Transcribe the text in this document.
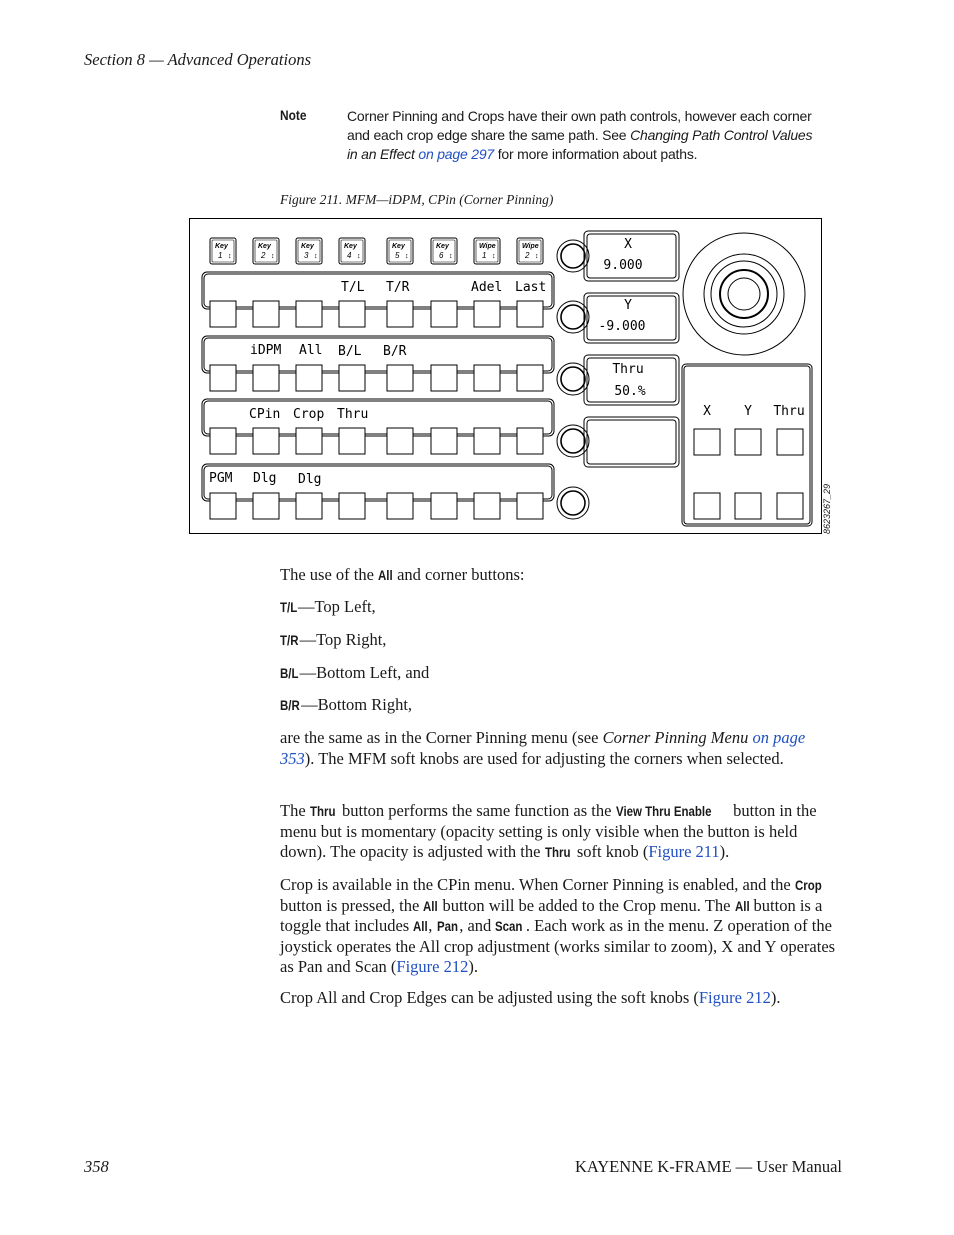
Section 8 — Advanced Operations
Note	Corner Pinning and Crops have their own path controls, however each corner and each crop edge share the same path. See Changing Path Control Values in an Effect on page 297 for more information about paths.
Figure 211. MFM—iDPM, CPin (Corner Pinning)
Key
1 ↕
Key
2 ↕
Key
3 ↕
Key
4 ↕
Key
5 ↕
Key
6 ↕
Wipe
1 ↕
Wipe
2 ↕
T/L T/R	Adel Last
iDPM All B/L B/R
CPin Crop Thru
PGM Dlg Dlg
X
9.000
Y
-9.000
Thru
50.%
X	Y Thru
8623267_29
The use of the All and corner buttons:
T/L—Top Left,
T/R—Top Right,
B/L—Bottom Left, and
B/R—Bottom Right,
are the same as in the Corner Pinning menu (see Corner Pinning Menu on page 353). The MFM soft knobs are used for adjusting the corners when selected.
The Thru button performs the same function as the View Thru Enable button in the menu but is momentary (opacity setting is only visible when the button is held down). The opacity is adjusted with the Thru soft knob (Figure 211).
Crop is available in the CPin menu. When Corner Pinning is enabled, and the Crop button is pressed, the All button will be added to the Crop menu. The All button is a toggle that includes All, Pan, and Scan . Each work as in the menu. Z operation of the joystick operates the All crop adjustment (works similar to zoom), X and Y operates as Pan and Scan (Figure 212).
Crop All and Crop Edges can be adjusted using the soft knobs (Figure 212).
358	KAYENNE K-FRAME — User Manual
